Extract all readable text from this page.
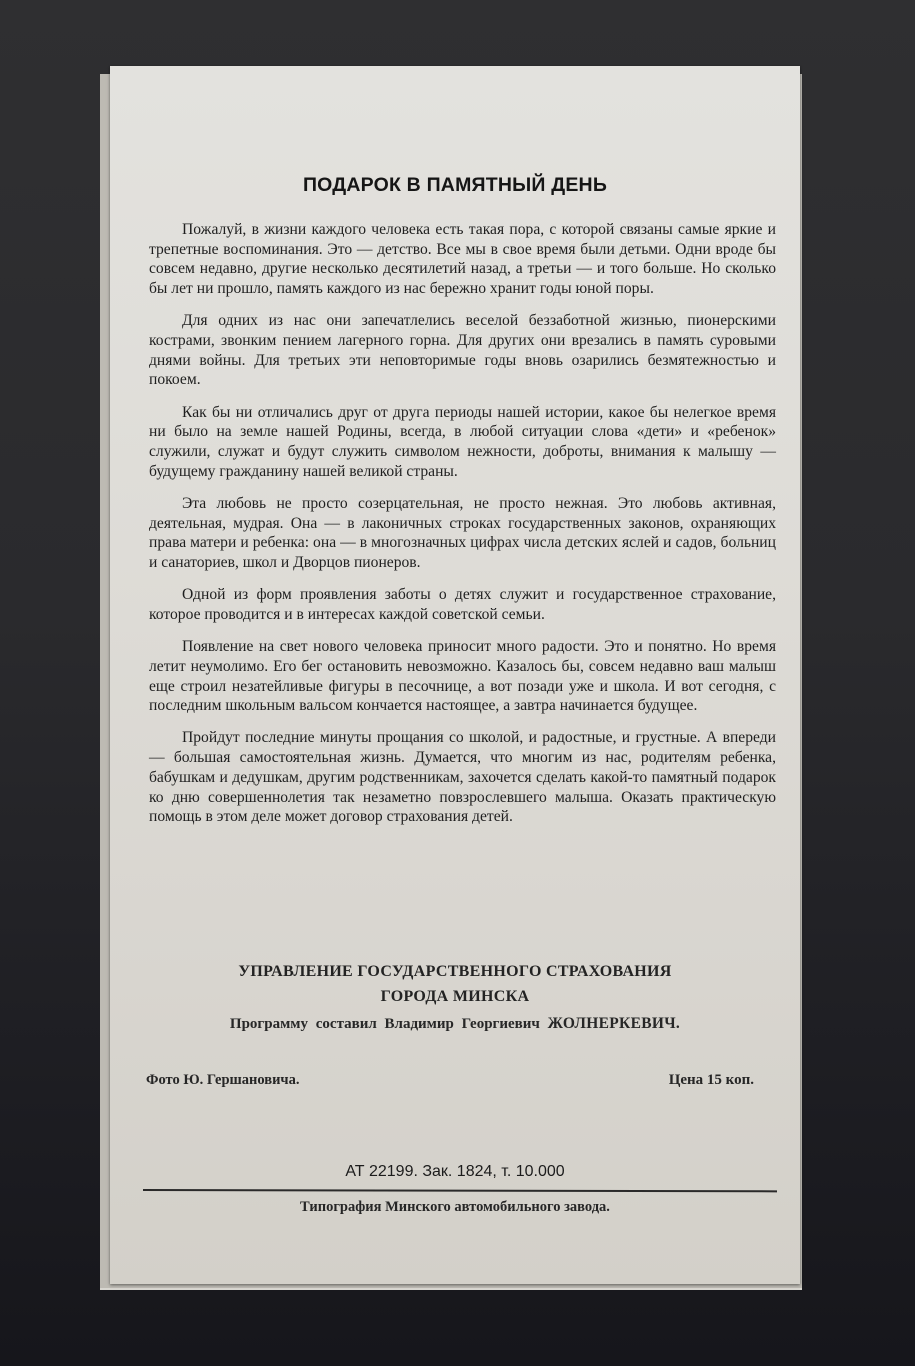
ПОДАРОК В ПАМЯТНЫЙ ДЕНЬ

Пожалуй, в жизни каждого человека есть такая пора, с которой связаны самые яркие и трепетные воспоминания. Это — детство. Все мы в свое время были детьми. Одни вроде бы совсем недавно, другие несколько десятилетий назад, а третьи — и того больше. Но сколько бы лет ни прошло, память каждого из нас бережно хранит годы юной поры.

Для одних из нас они запечатлелись веселой беззаботной жизнью, пионерскими кострами, звонким пением лагерного горна. Для других они врезались в память суровыми днями войны. Для третьих эти неповторимые годы вновь озарились безмятежностью и покоем.

Как бы ни отличались друг от друга периоды нашей истории, какое бы нелегкое время ни было на земле нашей Родины, всегда, в любой ситуации слова «дети» и «ребенок» служили, служат и будут служить символом нежности, доброты, внимания к малышу — будущему гражданину нашей великой страны.

Эта любовь не просто созерцательная, не просто нежная. Это любовь активная, деятельная, мудрая. Она — в лаконичных строках государственных законов, охраняющих права матери и ребенка: она — в многозначных цифрах числа детских яслей и садов, больниц и санаториев, школ и Дворцов пионеров.

Одной из форм проявления заботы о детях служит и государственное страхование, которое проводится и в интересах каждой советской семьи.

Появление на свет нового человека приносит много радости. Это и понятно. Но время летит неумолимо. Его бег остановить невозможно. Казалось бы, совсем недавно ваш малыш еще строил незатейливые фигуры в песочнице, а вот позади уже и школа. И вот сегодня, с последним школьным вальсом кончается настоящее, а завтра начинается будущее.

Пройдут последние минуты прощания со школой, и радостные, и грустные. А впереди — большая самостоятельная жизнь. Думается, что многим из нас, родителям ребенка, бабушкам и дедушкам, другим родственникам, захочется сделать какой-то памятный подарок ко дню совершеннолетия так незаметно повзрослевшего малыша. Оказать практическую помощь в этом деле может договор страхования детей.

УПРАВЛЕНИЕ ГОСУДАРСТВЕННОГО СТРАХОВАНИЯ
ГОРОДА МИНСКА
Программу составил Владимир Георгиевич ЖОЛНЕРКЕВИЧ.
Фото Ю. Гершановича.	Цена 15 коп.
АТ 22199. Зак. 1824, т. 10.000
Типография Минского автомобильного завода.
